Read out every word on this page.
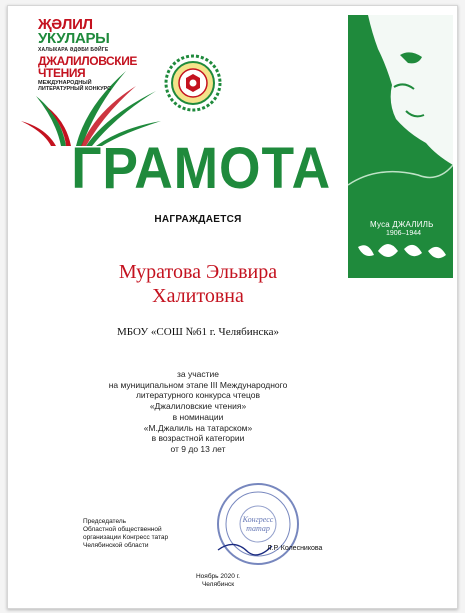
ҖӘЛИЛ
УКУЛАРЫ
ХАЛЫКАРА ӘДӘБИ БӘЙГЕ
ДЖАЛИЛОВСКИЕ
ЧТЕНИЯ
МЕЖДУНАРОДНЫЙ
ЛИТЕРАТУРНЫЙ КОНКУРС
Муса ДЖАЛИЛЬ
1906–1944
ГРАМОТА
НАГРАЖДАЕТСЯ
Муратова Эльвира
Халитовна
МБОУ «СОШ №61 г. Челябинска»
за участие
на муниципальном этапе III Международного
литературного конкурса чтецов
«Джалиловские чтения»
в номинации
«М.Джалиль на татарском»
в возрастной категории
от 9 до 13 лет
Председатель
Областной общественной
организации Конгресс татар
Челябинской области
Конгресс
татар
Л.Р. Колесникова
Ноябрь 2020 г.
Челябинск
